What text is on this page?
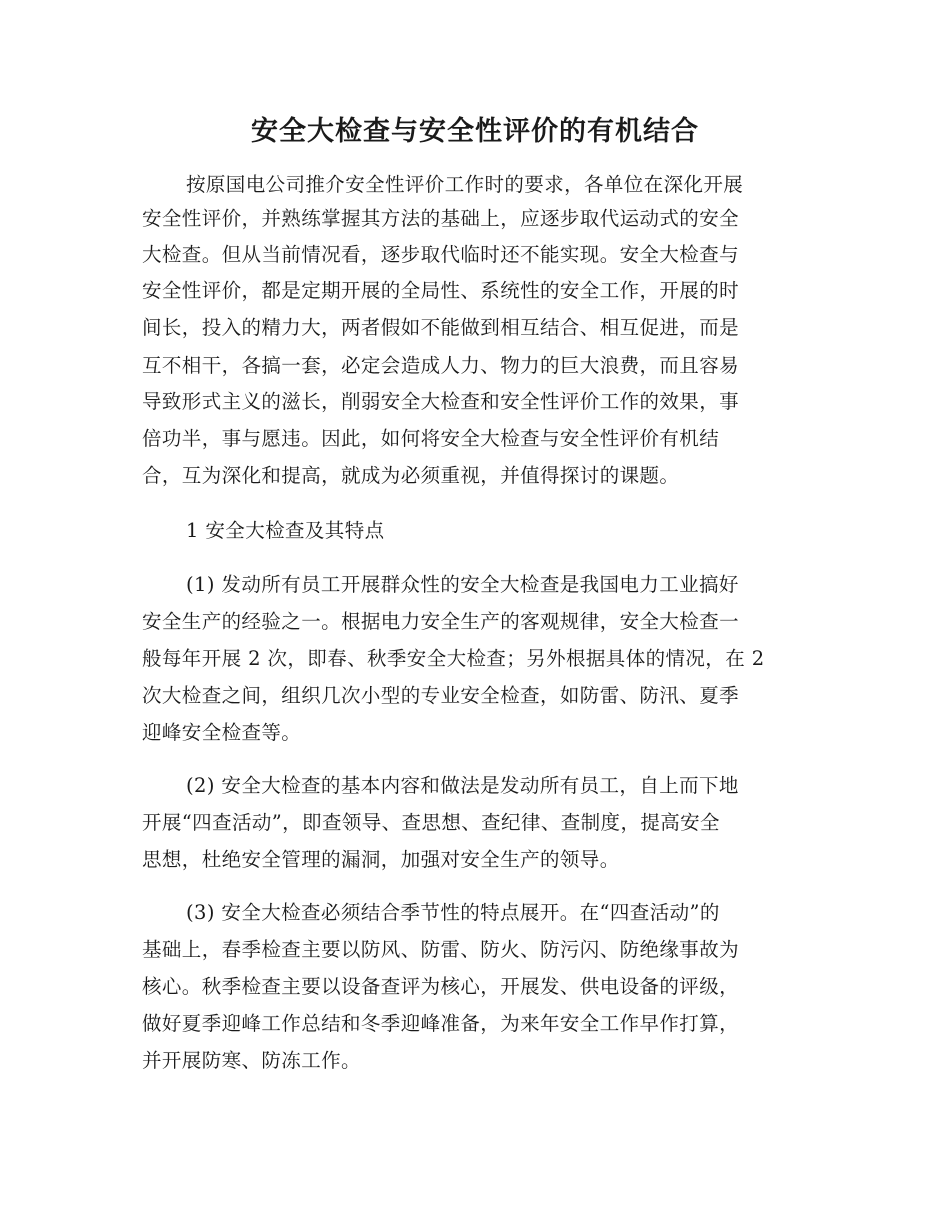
安全大检查与安全性评价的有机结合

按原国电公司推介安全性评价工作时的要求，各单位在深化开展

安全性评价，并熟练掌握其方法的基础上，应逐步取代运动式的安全

大检查。但从当前情况看，逐步取代临时还不能实现。安全大检查与

安全性评价，都是定期开展的全局性、系统性的安全工作，开展的时

间长，投入的精力大，两者假如不能做到相互结合、相互促进，而是

互不相干，各搞一套，必定会造成人力、物力的巨大浪费，而且容易

导致形式主义的滋长，削弱安全大检查和安全性评价工作的效果，事

倍功半，事与愿违。因此，如何将安全大检查与安全性评价有机结

合，互为深化和提高，就成为必须重视，并值得探讨的课题。

1 安全大检查及其特点

(1) 发动所有员工开展群众性的安全大检查是我国电力工业搞好

安全生产的经验之一。根据电力安全生产的客观规律，安全大检查一

般每年开展 2 次，即春、秋季安全大检查；另外根据具体的情况，在 2

次大检查之间，组织几次小型的专业安全检查，如防雷、防汛、夏季

迎峰安全检查等。

(2) 安全大检查的基本内容和做法是发动所有员工，自上而下地

开展“四查活动”，即查领导、查思想、查纪律、查制度，提高安全

思想，杜绝安全管理的漏洞，加强对安全生产的领导。

(3) 安全大检查必须结合季节性的特点展开。在“四查活动”的

基础上，春季检查主要以防风、防雷、防火、防污闪、防绝缘事故为

核心。秋季检查主要以设备查评为核心，开展发、供电设备的评级，

做好夏季迎峰工作总结和冬季迎峰准备，为来年安全工作早作打算，

并开展防寒、防冻工作。
